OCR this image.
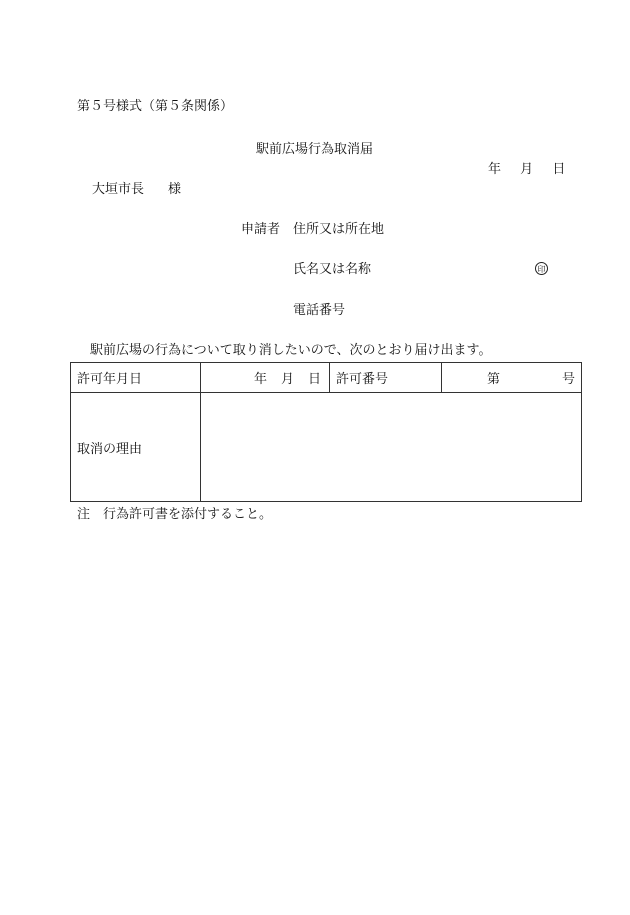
第５号様式（第５条関係）
駅前広場行為取消届
年 月 日
大垣市長 様
申請者 住所又は所在地
氏名又は名称	印
電話番号
駅前広場の行為について取り消したいので、次のとおり届け出ます。
許可年月日	年 月 日	許可番号	第 号
取消の理由			
注 行為許可書を添付すること。
